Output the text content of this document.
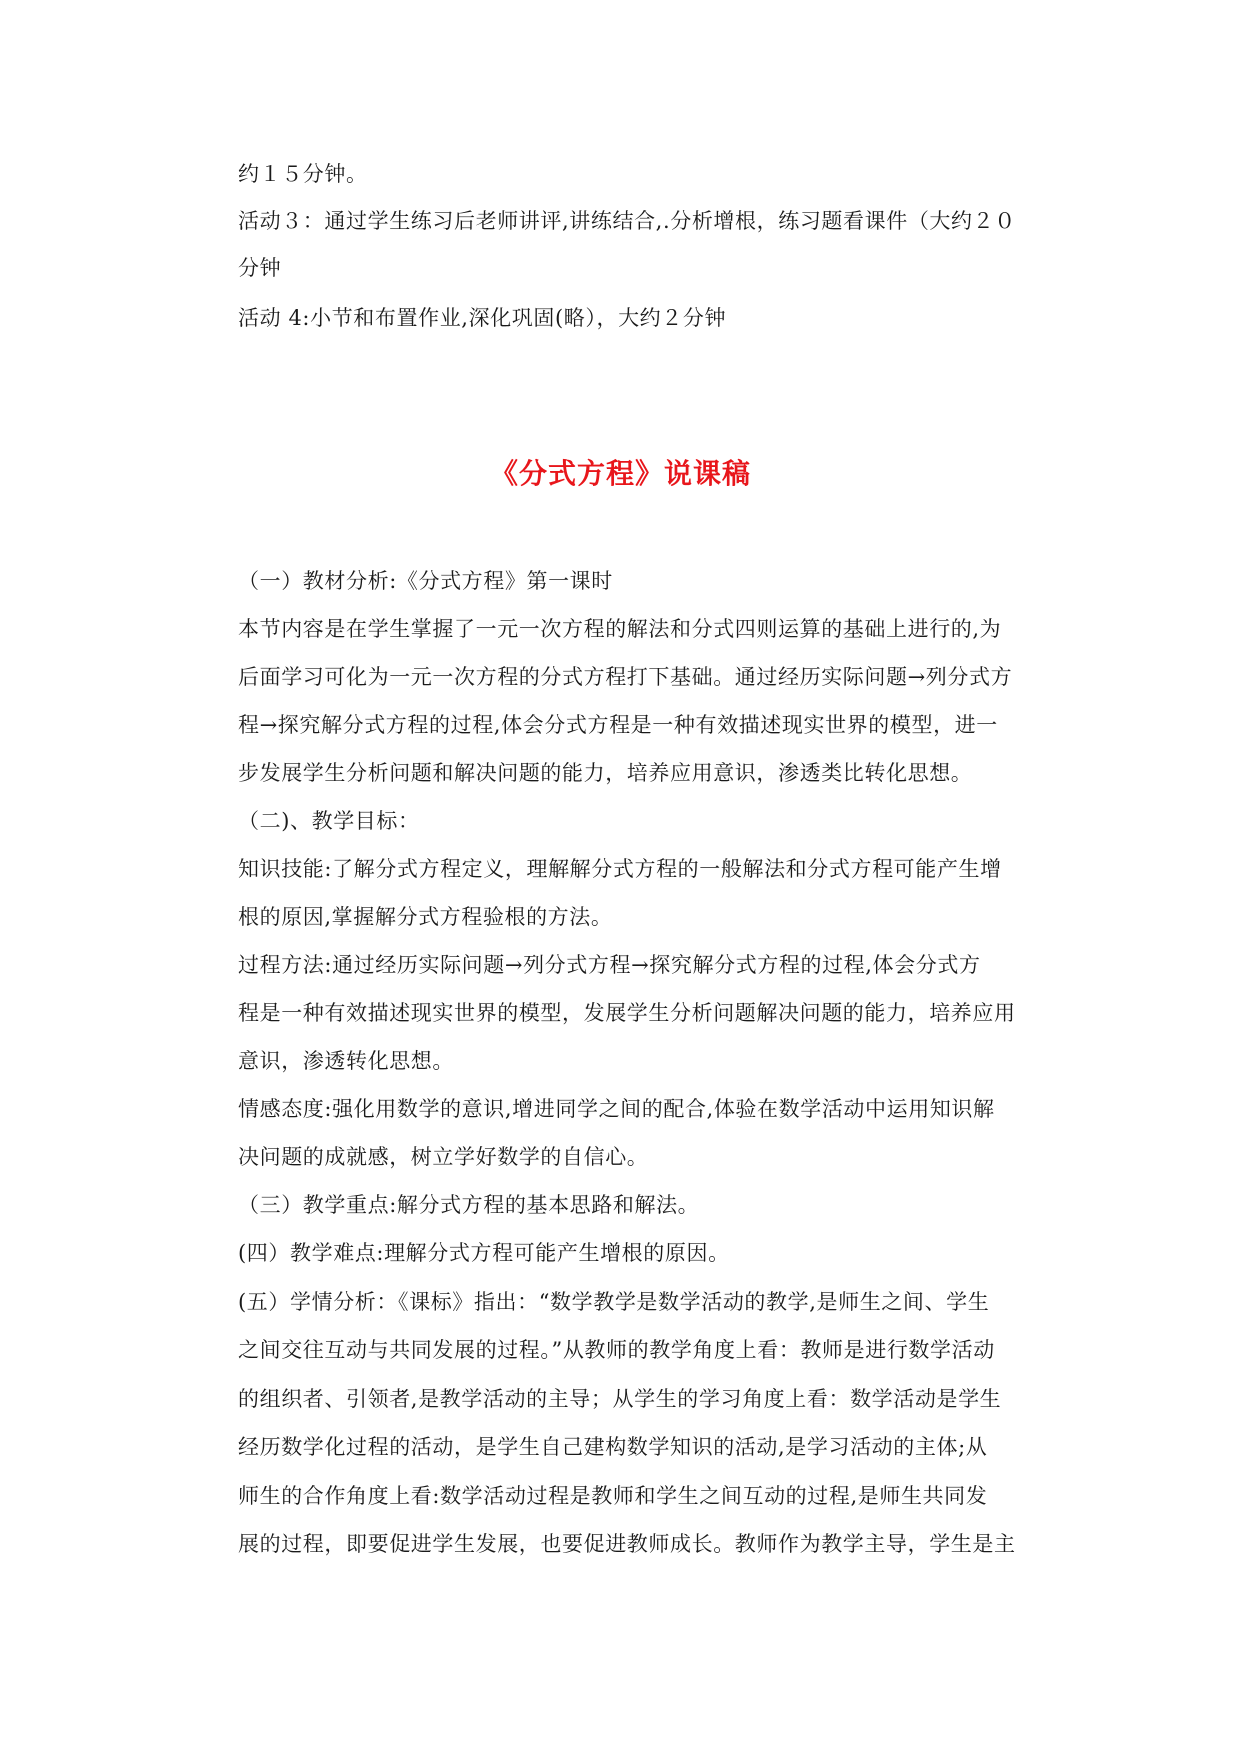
约１５分钟。
活动３：通过学生练习后老师讲评,讲练结合,.分析增根，练习题看课件（大约２０
分钟
活动 4:小节和布置作业,深化巩固(略），大约２分钟
《分式方程》说课稿
（一）教材分析:《分式方程》第一课时
本节内容是在学生掌握了一元一次方程的解法和分式四则运算的基础上进行的,为
后面学习可化为一元一次方程的分式方程打下基础。通过经历实际问题→列分式方
程→探究解分式方程的过程,体会分式方程是一种有效描述现实世界的模型，进一
步发展学生分析问题和解决问题的能力，培养应用意识，渗透类比转化思想。
（二)、教学目标：
知识技能:了解分式方程定义，理解解分式方程的一般解法和分式方程可能产生增
根的原因,掌握解分式方程验根的方法。
过程方法:通过经历实际问题→列分式方程→探究解分式方程的过程,体会分式方
程是一种有效描述现实世界的模型，发展学生分析问题解决问题的能力，培养应用
意识，渗透转化思想。
情感态度:强化用数学的意识,增进同学之间的配合,体验在数学活动中运用知识解
决问题的成就感，树立学好数学的自信心。
（三）教学重点:解分式方程的基本思路和解法。
(四）教学难点:理解分式方程可能产生增根的原因。
(五）学情分析：《课标》指出：“数学教学是数学活动的教学,是师生之间、学生
之间交往互动与共同发展的过程。”从教师的教学角度上看：教师是进行数学活动
的组织者、引领者,是教学活动的主导；从学生的学习角度上看：数学活动是学生
经历数学化过程的活动，是学生自己建构数学知识的活动,是学习活动的主体;从
师生的合作角度上看:数学活动过程是教师和学生之间互动的过程,是师生共同发
展的过程，即要促进学生发展，也要促进教师成长。教师作为教学主导，学生是主
